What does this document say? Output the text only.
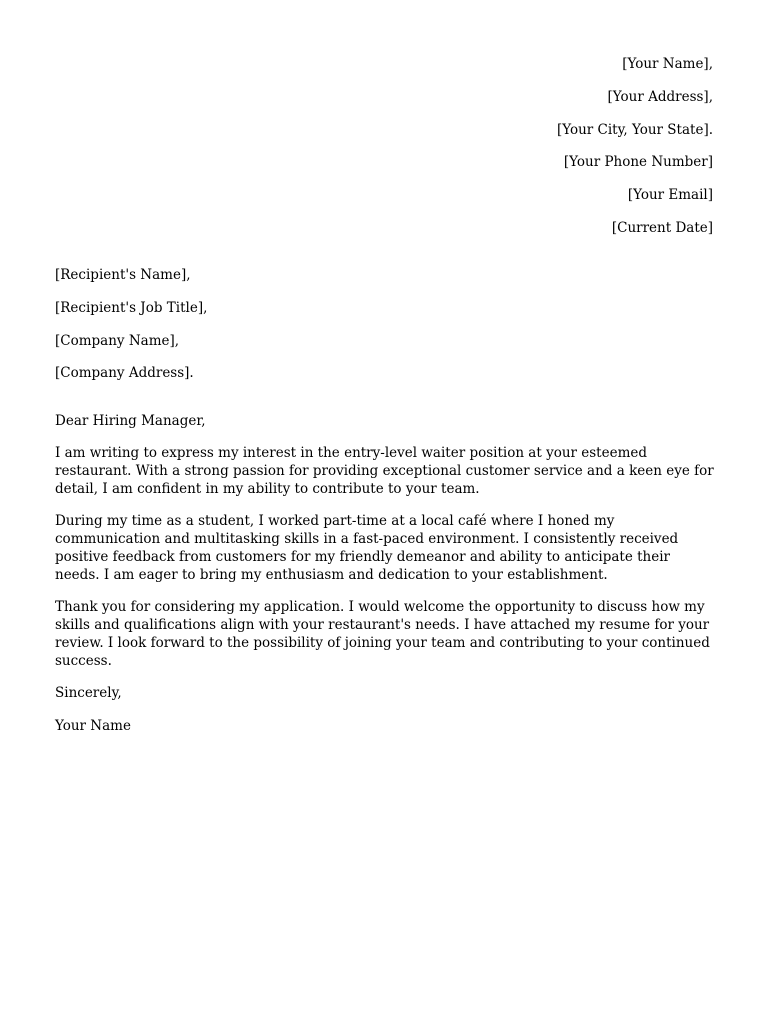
[Your Name],
[Your Address],
[Your City, Your State].
[Your Phone Number]
[Your Email]
[Current Date]
[Recipient's Name],
[Recipient's Job Title],
[Company Name],
[Company Address].

Dear Hiring Manager,

I am writing to express my interest in the entry-level waiter position at your esteemed restaurant. With a strong passion for providing exceptional customer service and a keen eye for detail, I am confident in my ability to contribute to your team.

During my time as a student, I worked part-time at a local café where I honed my communication and multitasking skills in a fast-paced environment. I consistently received positive feedback from customers for my friendly demeanor and ability to anticipate their needs. I am eager to bring my enthusiasm and dedication to your establishment.

Thank you for considering my application. I would welcome the opportunity to discuss how my skills and qualifications align with your restaurant's needs. I have attached my resume for your review. I look forward to the possibility of joining your team and contributing to your continued success.

Sincerely,

Your Name
